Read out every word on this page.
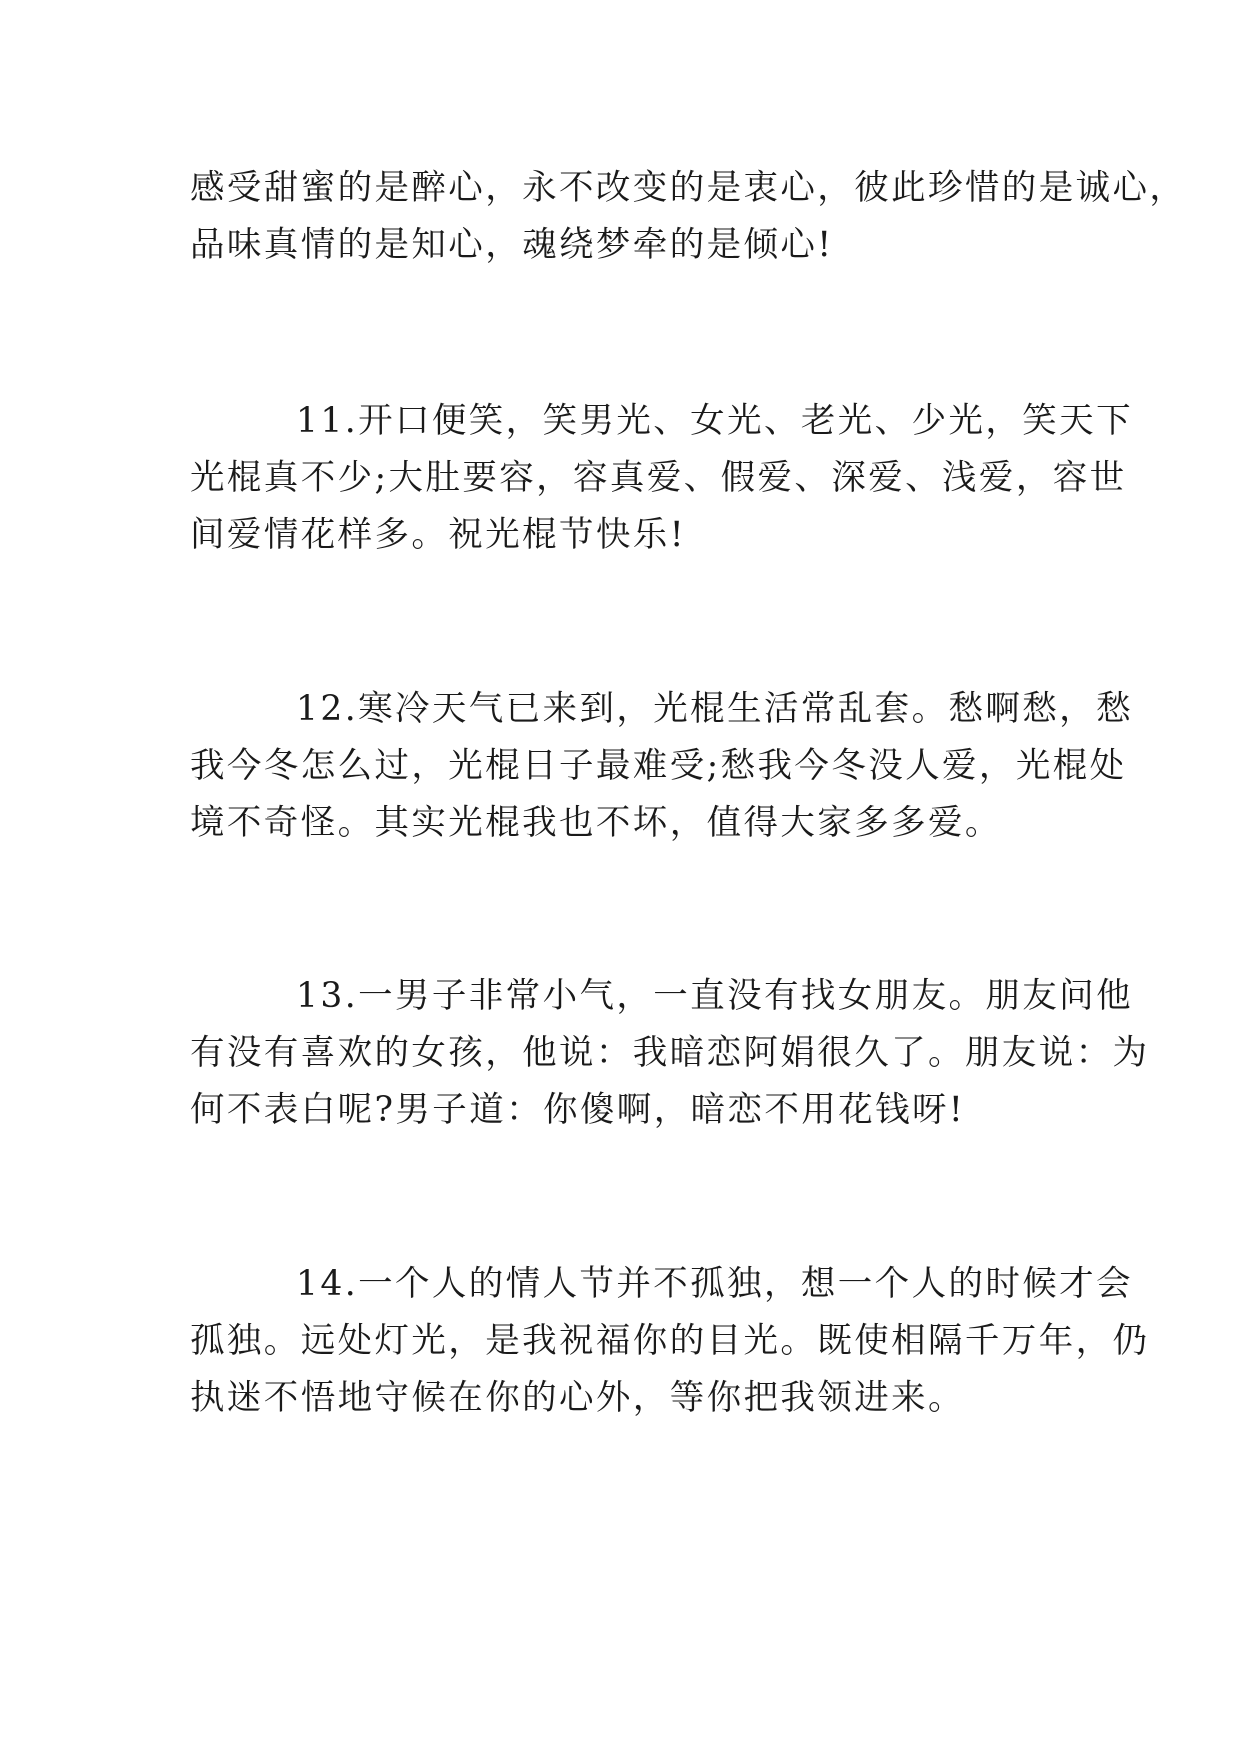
感受甜蜜的是醉心，永不改变的是衷心，彼此珍惜的是诚心，
品味真情的是知心，魂绕梦牵的是倾心!

11.开口便笑，笑男光、女光、老光、少光，笑天下
光棍真不少;大肚要容，容真爱、假爱、深爱、浅爱，容世
间爱情花样多。祝光棍节快乐!

12.寒冷天气已来到，光棍生活常乱套。愁啊愁，愁
我今冬怎么过，光棍日子最难受;愁我今冬没人爱，光棍处
境不奇怪。其实光棍我也不坏，值得大家多多爱。

13.一男子非常小气，一直没有找女朋友。朋友问他
有没有喜欢的女孩，他说：我暗恋阿娟很久了。朋友说：为
何不表白呢?男子道：你傻啊，暗恋不用花钱呀!

14.一个人的情人节并不孤独，想一个人的时候才会
孤独。远处灯光，是我祝福你的目光。既使相隔千万年，仍
执迷不悟地守候在你的心外，等你把我领进来。
